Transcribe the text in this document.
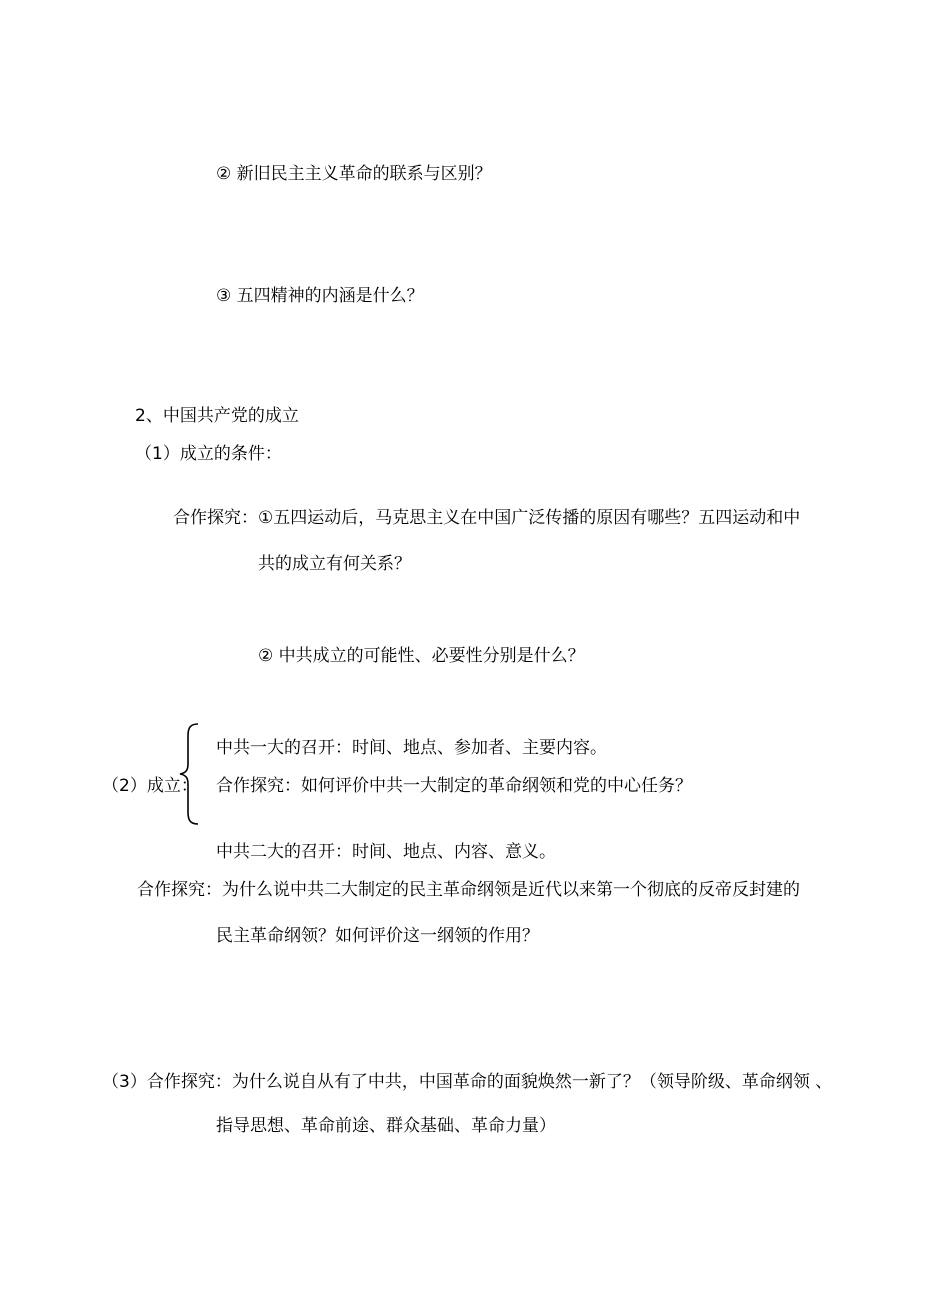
② 新旧民主主义革命的联系与区别？
③ 五四精神的内涵是什么？
2、中国共产党的成立
（1）成立的条件：
合作探究：①五四运动后，马克思主义在中国广泛传播的原因有哪些？五四运动和中
共的成立有何关系？
② 中共成立的可能性、必要性分别是什么？
（2）成立：
中共一大的召开：时间、地点、参加者、主要内容。
合作探究：如何评价中共一大制定的革命纲领和党的中心任务？
中共二大的召开：时间、地点、内容、意义。
合作探究：为什么说中共二大制定的民主革命纲领是近代以来第一个彻底的反帝反封建的
民主革命纲领？如何评价这一纲领的作用？
（3）合作探究：为什么说自从有了中共，中国革命的面貌焕然一新了？（领导阶级、革命纲领 、
指导思想、革命前途、群众基础、革命力量）
